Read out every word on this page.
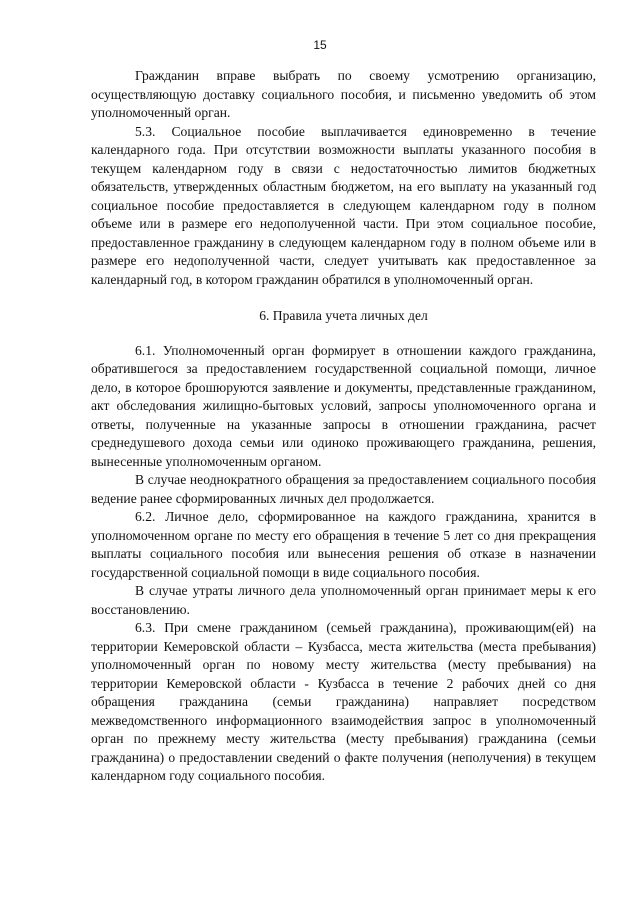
15

Гражданин вправе выбрать по своему усмотрению организацию, осуществляющую доставку социального пособия, и письменно уведомить об этом уполномоченный орган.

5.3. Социальное пособие выплачивается единовременно в течение календарного года. При отсутствии возможности выплаты указанного пособия в текущем календарном году в связи с недостаточностью лимитов бюджетных обязательств, утвержденных областным бюджетом, на его выплату на указанный год социальное пособие предоставляется в следующем календарном году в полном объеме или в размере его недополученной части. При этом социальное пособие, предоставленное гражданину в следующем календарном году в полном объеме или в размере его недополученной части, следует учитывать как предоставленное за календарный год, в котором гражданин обратился в уполномоченный орган.

6. Правила учета личных дел

6.1. Уполномоченный орган формирует в отношении каждого гражданина, обратившегося за предоставлением государственной социальной помощи, личное дело, в которое брошюруются заявление и документы, представленные гражданином, акт обследования жилищно-бытовых условий, запросы уполномоченного органа и ответы, полученные на указанные запросы в отношении гражданина, расчет среднедушевого дохода семьи или одиноко проживающего гражданина, решения, вынесенные уполномоченным органом.

В случае неоднократного обращения за предоставлением социального пособия ведение ранее сформированных личных дел продолжается.

6.2. Личное дело, сформированное на каждого гражданина, хранится в уполномоченном органе по месту его обращения в течение 5 лет со дня прекращения выплаты социального пособия или вынесения решения об отказе в назначении государственной социальной помощи в виде социального пособия.

В случае утраты личного дела уполномоченный орган принимает меры к его восстановлению.

6.3. При смене гражданином (семьей гражданина), проживающим(ей) на территории Кемеровской области – Кузбасса, места жительства (места пребывания) уполномоченный орган по новому месту жительства (месту пребывания) на территории Кемеровской области - Кузбасса в течение 2 рабочих дней со дня обращения гражданина (семьи гражданина) направляет посредством межведомственного информационного взаимодействия запрос в уполномоченный орган по прежнему месту жительства (месту пребывания) гражданина (семьи гражданина) о предоставлении сведений о факте получения (неполучения) в текущем календарном году социального пособия.
